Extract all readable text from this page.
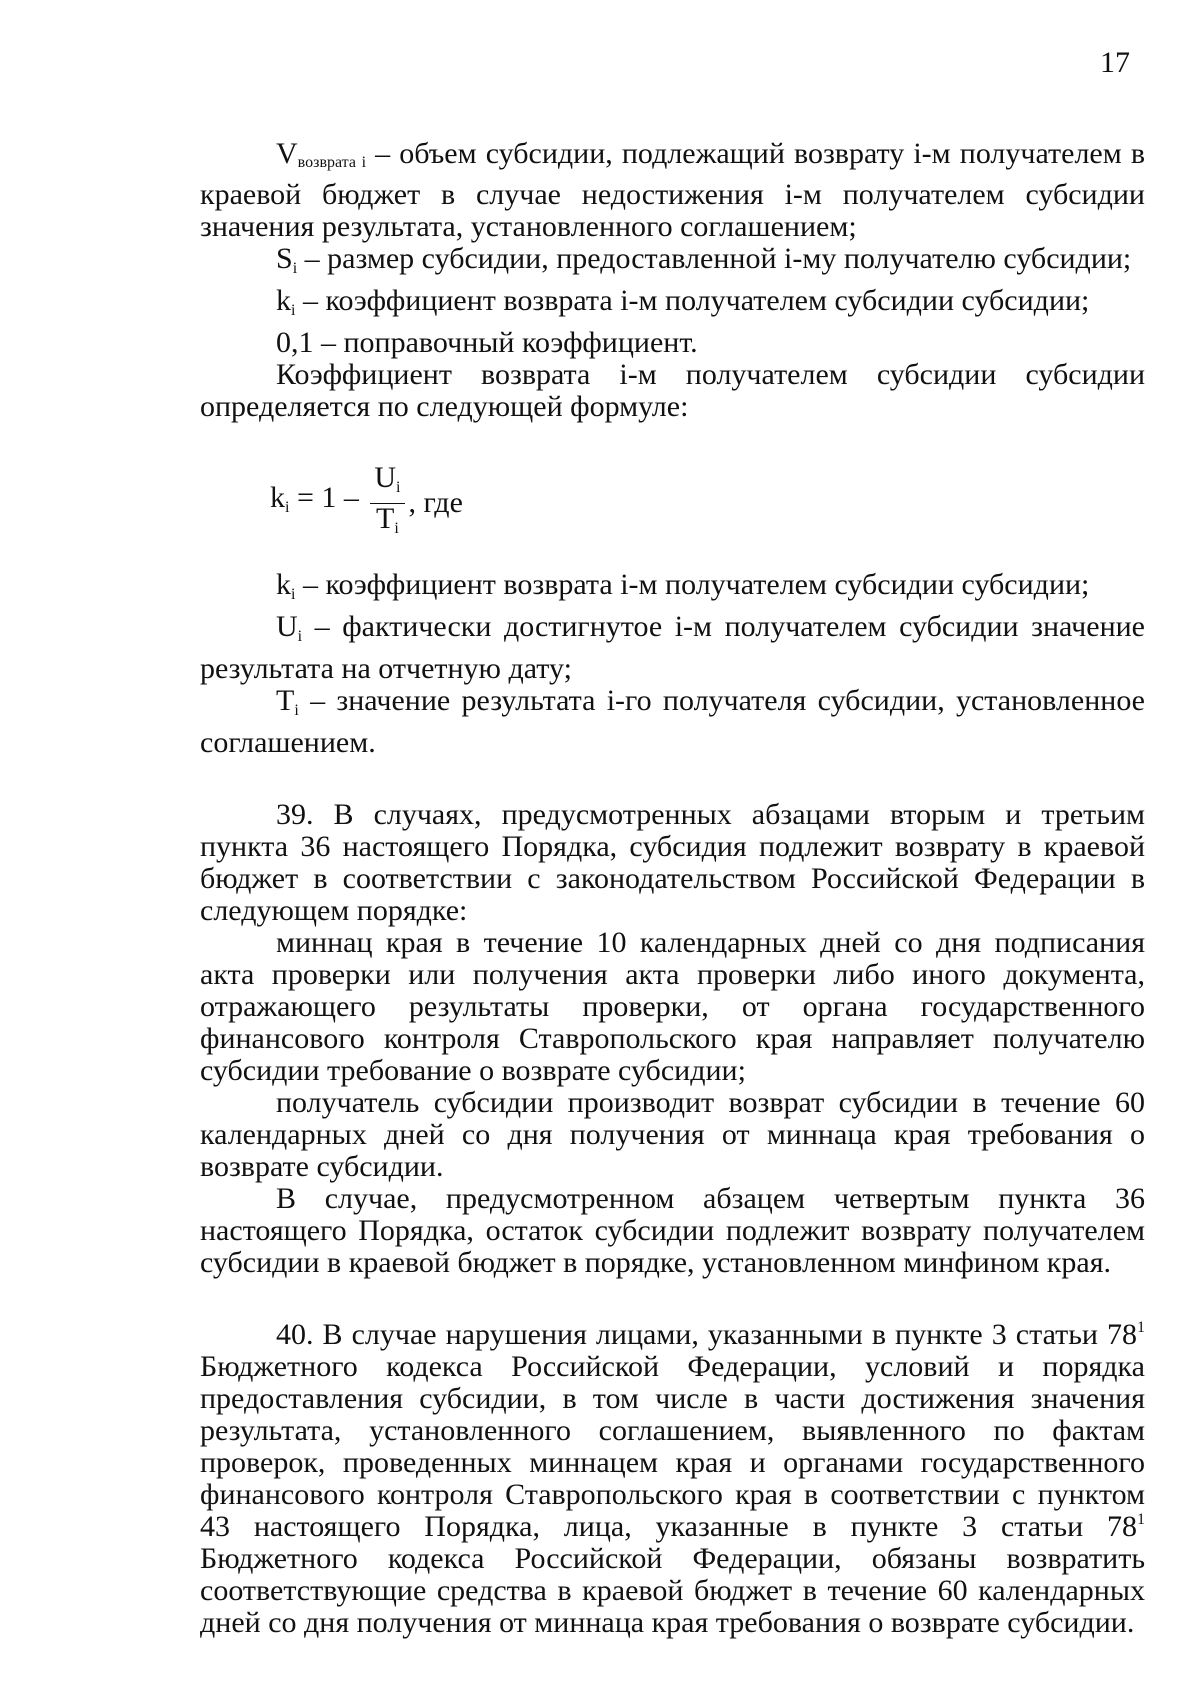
17

$V_{возврата i}$ – объем субсидии, подлежащий возврату i-м получателем в краевой бюджет в случае недостижения i-м получателем субсидии значения результата, установленного соглашением;

Si – размер субсидии, предоставленной i-му получателю субсидии;

ki – коэффициент возврата i-м получателем субсидии субсидии;

0,1 – поправочный коэффициент.

Коэффициент возврата i-м получателем субсидии субсидии определяется по следующей формуле:

ki = $1 - \frac{Ui}{Ti}$ , где

ki – коэффициент возврата i-м получателем субсидии субсидии;

Ui – фактически достигнутое i-м получателем субсидии значение результата на отчетную дату;

Ti – значение результата i-го получателя субсидии, установленное соглашением.

39. В случаях, предусмотренных абзацами вторым и третьим пункта 36 настоящего Порядка, субсидия подлежит возврату в краевой бюджет в соответствии с законодательством Российской Федерации в следующем порядке:

миннац края в течение 10 календарных дней со дня подписания акта проверки или получения акта проверки либо иного документа, отражающего результаты проверки, от органа государственного финансового контроля Ставропольского края направляет получателю субсидии требование о возврате субсидии;

получатель субсидии производит возврат субсидии в течение 60 календарных дней со дня получения от миннаца края требования о возврате субсидии.

В случае, предусмотренном абзацем четвертым пункта 36 настоящего Порядка, остаток субсидии подлежит возврату получателем субсидии в краевой бюджет в порядке, установленном минфином края.

40. В случае нарушения лицами, указанными в пункте 3 статьи $78^1$ Бюджетного кодекса Российской Федерации, условий и порядка предоставления субсидии, в том числе в части достижения значения результата, установленного соглашением, выявленного по фактам проверок, проведенных миннацем края и органами государственного финансового контроля Ставропольского края в соответствии с пунктом 43 настоящего Порядка, лица, указанные в пункте 3 статьи $78^1$ Бюджетного кодекса Российской Федерации, обязаны возвратить соответствующие средства в краевой бюджет в течение 60 календарных дней со дня получения от миннаца края требования о возврате субсидии.
